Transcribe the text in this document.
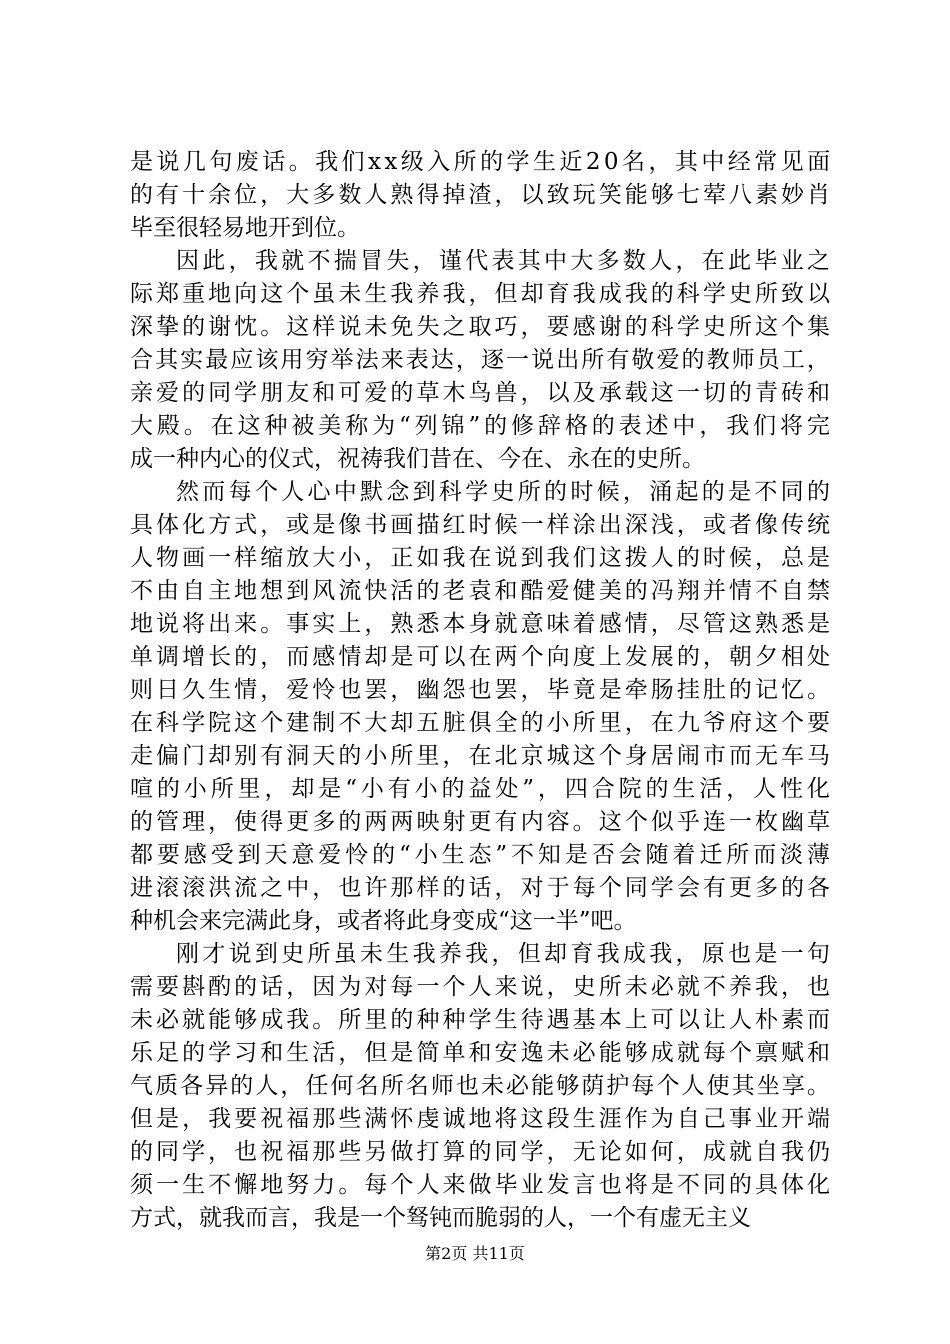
是说几句废话。我们xx级入所的学生近20名，其中经常见面
的有十余位，大多数人熟得掉渣，以致玩笑能够七荤八素妙肖
毕至很轻易地开到位。
因此，我就不揣冒失，谨代表其中大多数人，在此毕业之
际郑重地向这个虽未生我养我，但却育我成我的科学史所致以
深挚的谢忱。这样说未免失之取巧，要感谢的科学史所这个集
合其实最应该用穷举法来表达，逐一说出所有敬爱的教师员工，
亲爱的同学朋友和可爱的草木鸟兽，以及承载这一切的青砖和
大殿。在这种被美称为“列锦”的修辞格的表述中，我们将完
成一种内心的仪式，祝祷我们昔在、今在、永在的史所。
然而每个人心中默念到科学史所的时候，涌起的是不同的
具体化方式，或是像书画描红时候一样涂出深浅，或者像传统
人物画一样缩放大小，正如我在说到我们这拨人的时候，总是
不由自主地想到风流快活的老袁和酷爱健美的冯翔并情不自禁
地说将出来。事实上，熟悉本身就意味着感情，尽管这熟悉是
单调增长的，而感情却是可以在两个向度上发展的，朝夕相处
则日久生情，爱怜也罢，幽怨也罢，毕竟是牵肠挂肚的记忆。
在科学院这个建制不大却五脏俱全的小所里，在九爷府这个要
走偏门却别有洞天的小所里，在北京城这个身居闹市而无车马
喧的小所里，却是“小有小的益处”，四合院的生活，人性化
的管理，使得更多的两两映射更有内容。这个似乎连一枚幽草
都要感受到天意爱怜的“小生态”不知是否会随着迁所而淡薄
进滚滚洪流之中，也许那样的话，对于每个同学会有更多的各
种机会来完满此身，或者将此身变成“这一半”吧。
刚才说到史所虽未生我养我，但却育我成我，原也是一句
需要斟酌的话，因为对每一个人来说，史所未必就不养我，也
未必就能够成我。所里的种种学生待遇基本上可以让人朴素而
乐足的学习和生活，但是简单和安逸未必能够成就每个禀赋和
气质各异的人，任何名所名师也未必能够荫护每个人使其坐享。
但是，我要祝福那些满怀虔诚地将这段生涯作为自己事业开端
的同学，也祝福那些另做打算的同学，无论如何，成就自我仍
须一生不懈地努力。每个人来做毕业发言也将是不同的具体化
方式，就我而言，我是一个驽钝而脆弱的人，一个有虚无主义
第2页 共11页
